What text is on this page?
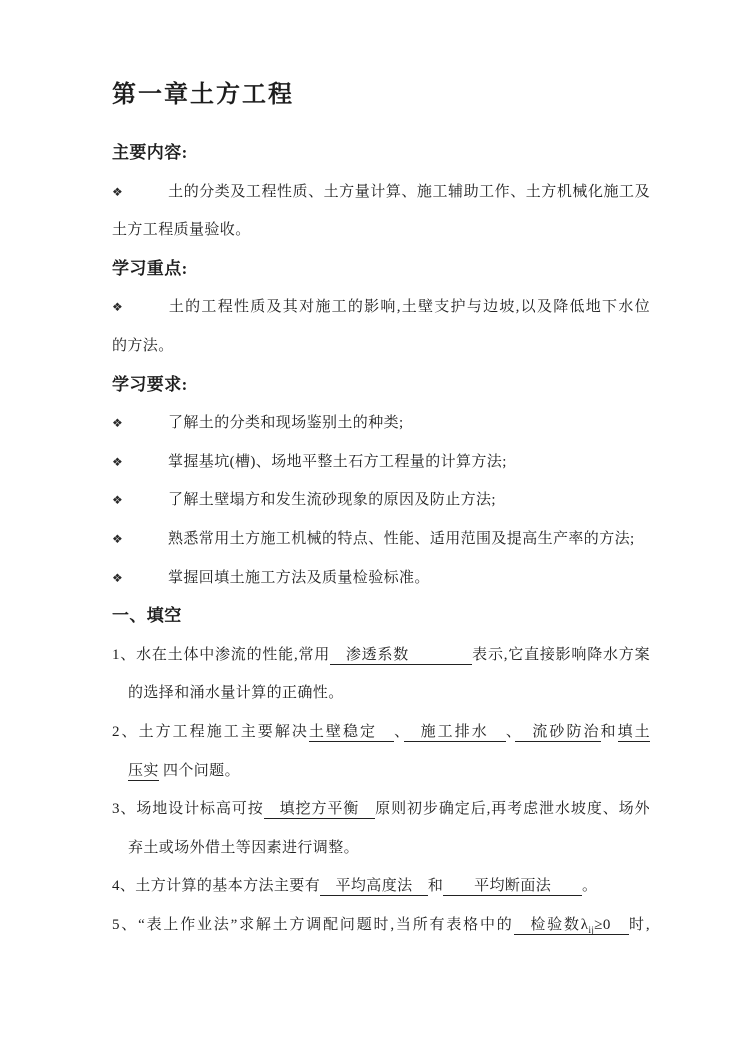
第一章土方工程
主要内容:
❖	土的分类及工程性质、土方量计算、施工辅助工作、土方机械化施工及
土方工程质量验收。
学习重点:
❖	土的工程性质及其对施工的影响,土壁支护与边坡,以及降低地下水位
的方法。
学习要求:
❖	了解土的分类和现场鉴别土的种类;
❖	掌握基坑(槽)、场地平整土石方工程量的计算方法;
❖	了解土壁塌方和发生流砂现象的原因及防止方法;
❖	熟悉常用土方施工机械的特点、性能、适用范围及提高生产率的方法;
❖	掌握回填土施工方法及质量检验标准。
一、填空
1、水在土体中渗流的性能,常用　渗透系数　　　　表示,它直接影响降水方案
的选择和涌水量计算的正确性。
2、土方工程施工主要解决土壁稳定　、　施工排水　、　流砂防治和填土
压实 四个问题。
3、场地设计标高可按　填挖方平衡　原则初步确定后,再考虑泄水坡度、场外
弃土或场外借土等因素进行调整。
4、土方计算的基本方法主要有　平均高度法　和　　平均断面法　　。
5、“表上作业法”求解土方调配问题时,当所有表格中的　检验数$\lambda_{ij}\ge 0$　时,
